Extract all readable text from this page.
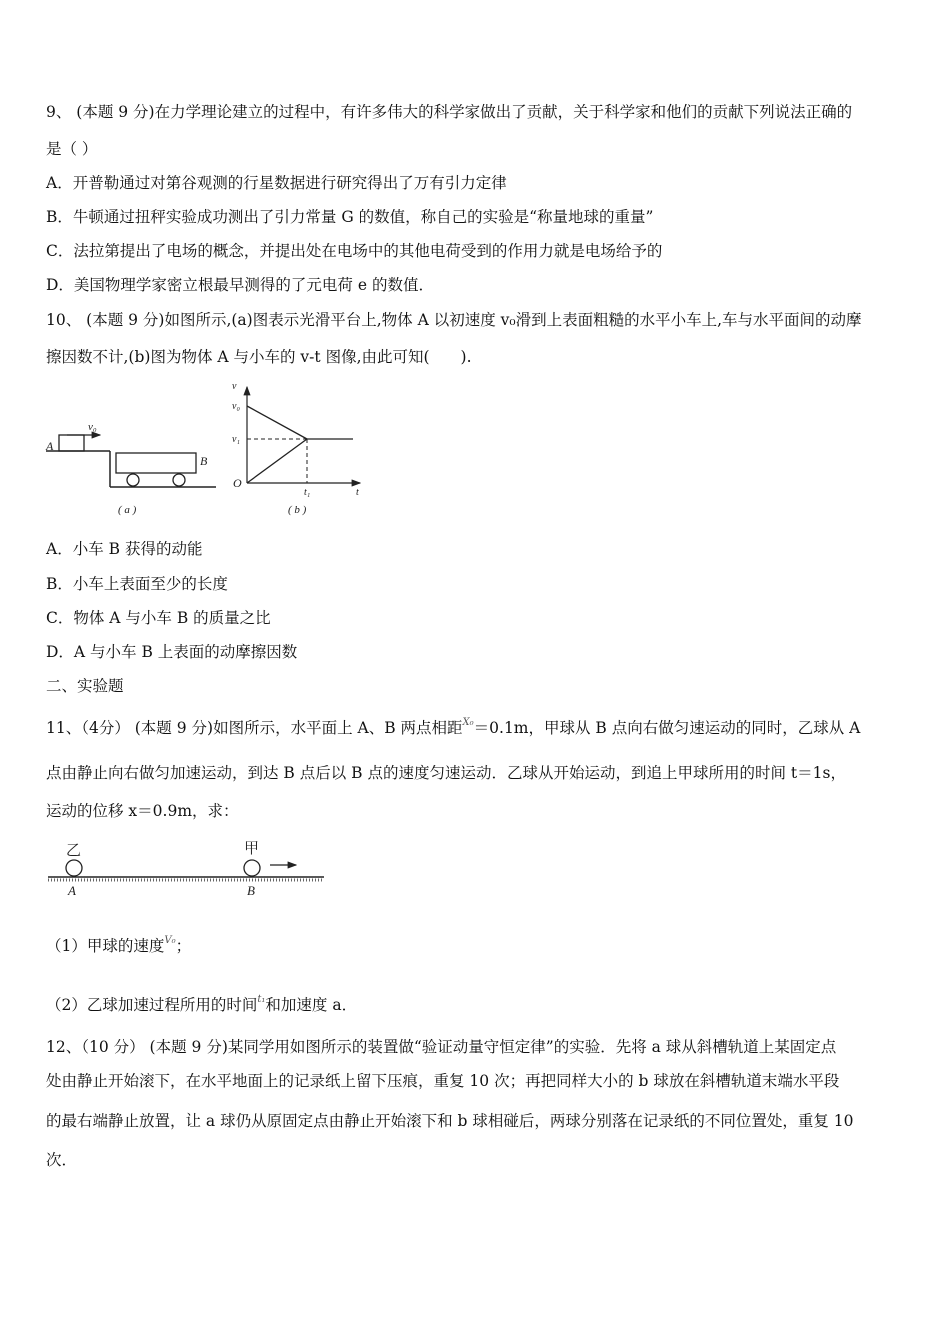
9、 (本题 9 分)在力学理论建立的过程中，有许多伟大的科学家做出了贡献，关于科学家和他们的贡献下列说法正确的
是（ ）
A．开普勒通过对第谷观测的行星数据进行研究得出了万有引力定律
B．牛顿通过扭秤实验成功测出了引力常量 G 的数值，称自己的实验是“称量地球的重量”
C．法拉第提出了电场的概念，并提出处在电场中的其他电荷受到的作用力就是电场给予的
D．美国物理学家密立根最早测得的了元电荷 e 的数值．
10、 (本题 9 分)如图所示,(a)图表示光滑平台上,物体 A 以初速度 v₀滑到上表面粗糙的水平小车上,车与水平面间的动摩
擦因数不计,(b)图为物体 A 与小车的 v-t 图像,由此可知(　　).
v₀
A
B
( a )
v
v₀
v₁
O
t₁	t
( b )
A．小车 B 获得的动能
B．小车上表面至少的长度
C．物体 A 与小车 B 的质量之比
D．A 与小车 B 上表面的动摩擦因数
二、实验题
11、（4分） (本题 9 分)如图所示，水平面上 A、B 两点相距$^{X_0}$＝0.1m，甲球从 B 点向右做匀速运动的同时，乙球从 A
点由静止向右做匀加速运动，到达 B 点后以 B 点的速度匀速运动．乙球从开始运动，到追上甲球所用的时间 t＝1s，
运动的位移 x＝0.9m，求：
乙	甲
A	B
（1）甲球的速度$^{V_0}$；
（2）乙球加速过程所用的时间$^{t_1}$和加速度 a．
12、（10 分） (本题 9 分)某同学用如图所示的装置做“验证动量守恒定律”的实验．先将 a 球从斜槽轨道上某固定点
处由静止开始滚下，在水平地面上的记录纸上留下压痕，重复 10 次；再把同样大小的 b 球放在斜槽轨道末端水平段
的最右端静止放置，让 a 球仍从原固定点由静止开始滚下和 b 球相碰后，两球分别落在记录纸的不同位置处，重复 10
次．
